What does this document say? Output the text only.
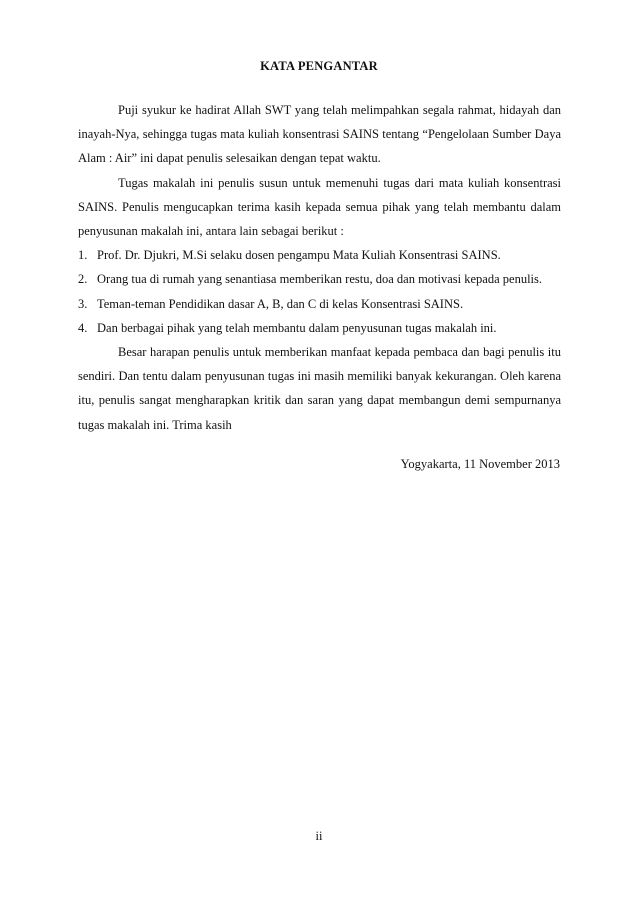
KATA PENGANTAR

Puji syukur ke hadirat Allah SWT yang telah melimpahkan segala rahmat, hidayah dan inayah-Nya, sehingga tugas mata kuliah konsentrasi SAINS tentang “Pengelolaan Sumber Daya Alam : Air” ini dapat penulis selesaikan dengan tepat waktu.

Tugas makalah ini penulis susun untuk memenuhi tugas dari mata kuliah konsentrasi SAINS. Penulis mengucapkan terima kasih kepada semua pihak yang telah membantu dalam penyusunan makalah ini, antara lain sebagai berikut :

1. Prof. Dr. Djukri, M.Si selaku dosen pengampu Mata Kuliah Konsentrasi SAINS.
2. Orang tua di rumah yang senantiasa memberikan restu, doa dan motivasi kepada penulis.
3. Teman-teman Pendidikan dasar A, B, dan C di kelas Konsentrasi SAINS.
4. Dan berbagai pihak yang telah membantu dalam penyusunan tugas makalah ini.

Besar harapan penulis untuk memberikan manfaat kepada pembaca dan bagi penulis itu sendiri. Dan tentu dalam penyusunan tugas ini masih memiliki banyak kekurangan. Oleh karena itu, penulis sangat mengharapkan kritik dan saran yang dapat membangun demi sempurnanya tugas makalah ini. Trima kasih

Yogyakarta, 11 November 2013
ii
